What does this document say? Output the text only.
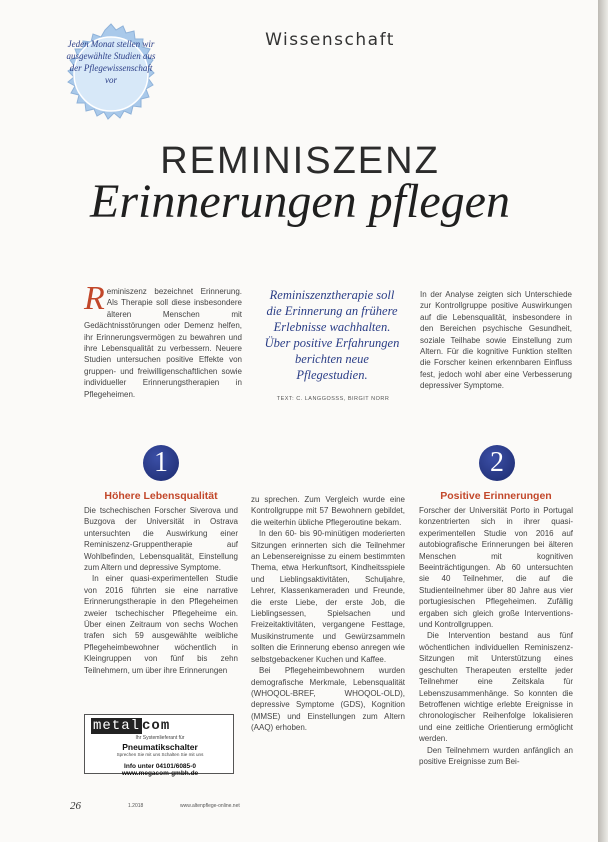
Jeden Monat stellen wir ausgewählte Studien aus der Pflegewissenschaft vor
Wissenschaft
REMINISZENZ
Erinnerungen pflegen
Reminiszenz bezeichnet Erinnerung. Als Therapie soll diese insbesondere älteren Menschen mit Gedächtnisstörungen oder Demenz helfen, ihr Erinnerungsvermögen zu bewahren und ihre Lebensqualität zu verbessern. Neuere Studien untersuchen positive Effekte von gruppen- und freiwilligenschaftlichen sowie individueller Erinnerungstherapien in Pflegeheimen.
Reminiszenztherapie soll die Erinnerung an frühere Erlebnisse wachhalten. Über positive Erfahrungen berichten neue Pflegestudien.
TEXT: C. LANGGOSSS, BIRGIT NORR
In der Analyse zeigten sich Unterschiede zur Kontrollgruppe positive Auswirkungen auf die Lebensqualität, insbesondere in den Bereichen psychische Gesundheit, soziale Teilhabe sowie Einstellung zum Altern. Für die kognitive Funktion stellten die Forscher keinen erkennbaren Einfluss fest, jedoch wohl aber eine Verbesserung depressiver Symptome.
1	2
Höhere Lebensqualität	Positive Erinnerungen

Die tschechischen Forscher Siverova und Buzgova der Universität in Ostrava untersuchten die Auswirkung einer Reminiszenz-Gruppentherapie auf Wohlbefinden, Lebensqualität, Einstellung zum Altern und depressive Symptome.

In einer quasi-experimentellen Studie von 2016 führten sie eine narrative Erinnerungstherapie in den Pflegeheimen zweier tschechischer Pflegeheime ein. Über einen Zeitraum von sechs Wochen trafen sich 59 ausgewählte weibliche Pflegeheimbewohner wöchentlich in Kleingruppen von fünf bis zehn Teilnehmern, um über ihre Erinnerungen

zu sprechen. Zum Vergleich wurde eine Kontrollgruppe mit 57 Bewohnern gebildet, die weiterhin übliche Pflegeroutine bekam.

In den 60- bis 90-minütigen moderierten Sitzungen erinnerten sich die Teilnehmer an Lebensereignisse zu einem bestimmten Thema, etwa Herkunftsort, Kindheitsspiele und Lieblingsaktivitäten, Schuljahre, Lehrer, Klassenkameraden und Freunde, die erste Liebe, der erste Job, die Lieblingsessen, Spielsachen und Freizeitaktivitäten, vergangene Festtage, Musikinstrumente und Gewürzsammeln sollten die Erinnerung ebenso anregen wie selbstgebackener Kuchen und Kaffee.

Bei Pflegeheimbewohnern wurden demografische Merkmale, Lebensqualität (WHOQOL-BREF, WHOQOL-OLD), depressive Symptome (GDS), Kognition (MMSE) und Einstellungen zum Altern (AAQ) erhoben.

Forscher der Universität Porto in Portugal konzentrierten sich in ihrer quasi-experimentellen Studie von 2016 auf autobiografische Erinnerungen bei älteren Menschen mit kognitiven Beeinträchtigungen. Ab 60 untersuchten sie 40 Teilnehmer, die auf die Studienteilnehmer über 80 Jahre aus vier portugiesischen Pflegeheimen. Zufällig ergaben sich gleich große Interventions- und Kontrollgruppen.

Die Intervention bestand aus fünf wöchentlichen individuellen Reminiszenz-Sitzungen mit Unterstützung eines geschulten Therapeuten erstellte jeder Teilnehmer eine Zeitskala für Lebenszusammenhänge. So konnten die Betroffenen wichtige erlebte Ereignisse in chronologischer Reihenfolge lokalisieren und eine zeitliche Orientierung ermöglicht werden.

Den Teilnehmern wurden anfänglich an positive Ereignisse zum Bei-

metal com
Ihr Systemlieferant für
Pneumatikschalter
Sprechen Sie mit uns Schalten Sie mit uns
Info unter 04101/6085-0
www.megacom-gmbh.de
26	1.2018	www.altenpflege-online.net
